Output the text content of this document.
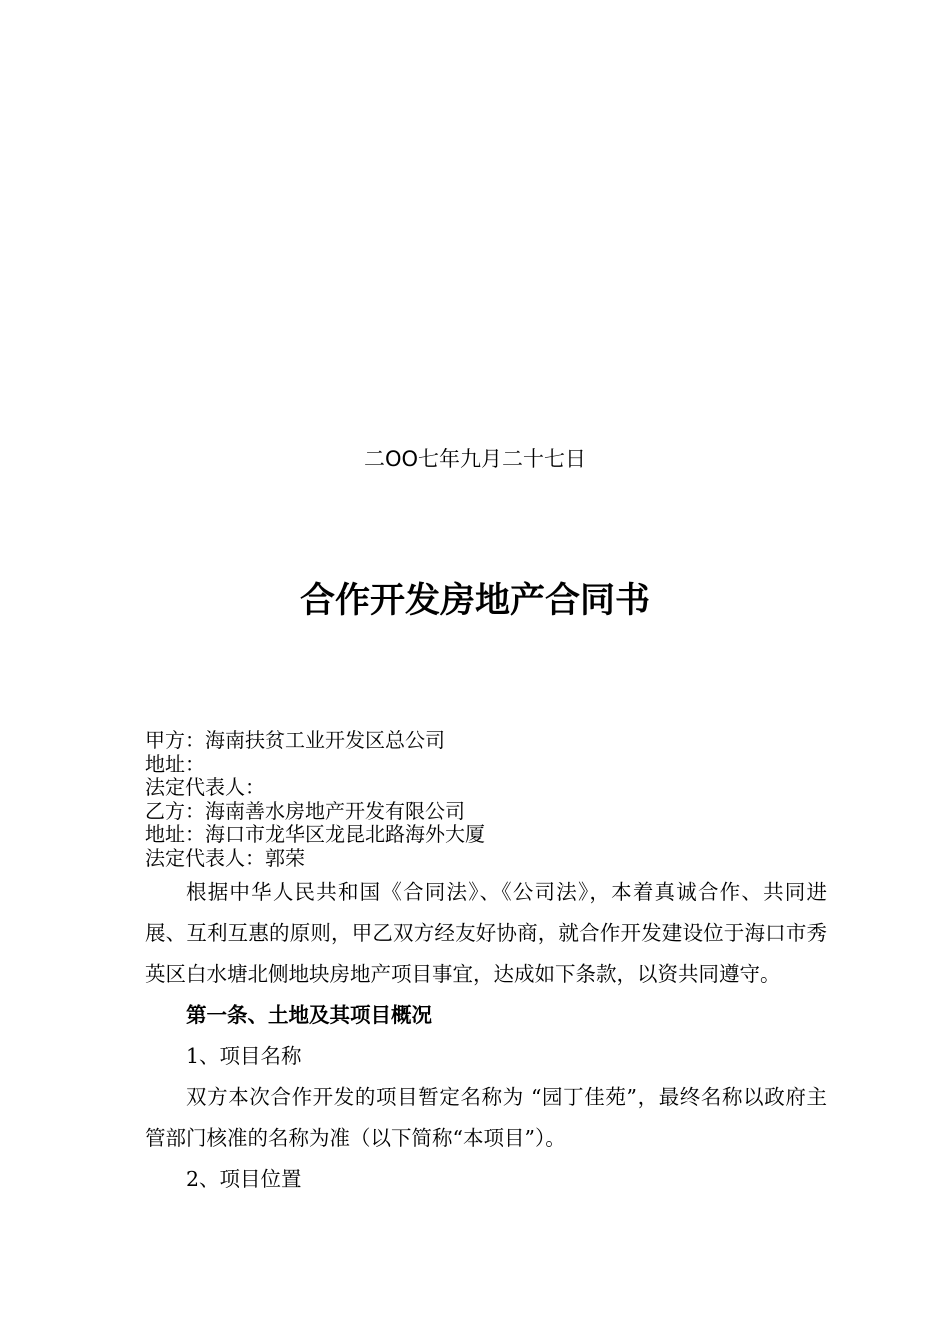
二OO七年九月二十七日
合作开发房地产合同书
甲方：海南扶贫工业开发区总公司
地址：
法定代表人：
乙方：海南善水房地产开发有限公司
地址：海口市龙华区龙昆北路海外大厦
法定代表人：郭荣

根据中华人民共和国《合同法》、《公司法》，本着真诚合作、共同进展、互利互惠的原则，甲乙双方经友好协商，就合作开发建设位于海口市秀英区白水塘北侧地块房地产项目事宜，达成如下条款，以资共同遵守。

第一条、土地及其项目概况

1、项目名称

双方本次合作开发的项目暂定名称为 “园丁佳苑”，最终名称以政府主管部门核准的名称为准（以下简称“本项目”）。

2、项目位置
